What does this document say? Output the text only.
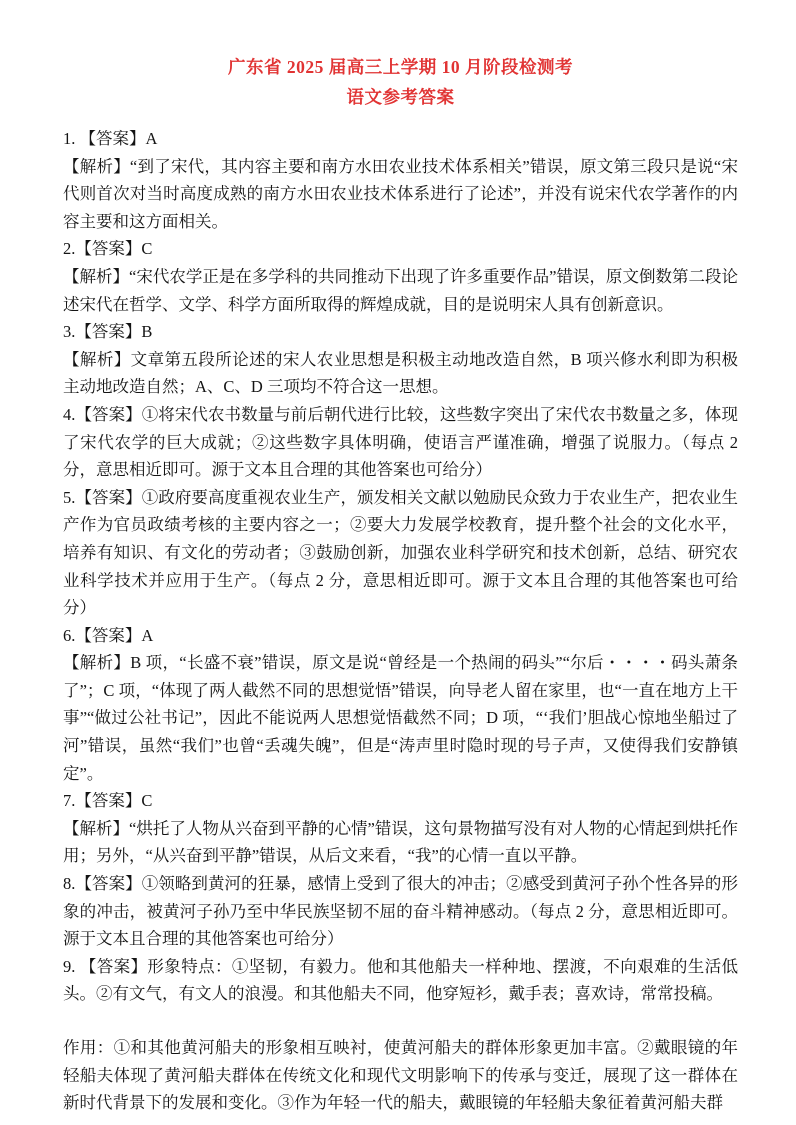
广东省 2025 届高三上学期 10 月阶段检测考
语文参考答案

1. 【答案】A

【解析】“到了宋代，其内容主要和南方水田农业技术体系相关”错误，原文第三段只是说“宋代则首次对当时高度成熟的南方水田农业技术体系进行了论述”，并没有说宋代农学著作的内容主要和这方面相关。

2.【答案】C

【解析】“宋代农学正是在多学科的共同推动下出现了许多重要作品”错误，原文倒数第二段论述宋代在哲学、文学、科学方面所取得的辉煌成就，目的是说明宋人具有创新意识。

3.【答案】B

【解析】文章第五段所论述的宋人农业思想是积极主动地改造自然，B 项兴修水利即为积极主动地改造自然；A、C、D 三项均不符合这一思想。

4.【答案】①将宋代农书数量与前后朝代进行比较，这些数字突出了宋代农书数量之多，体现了宋代农学的巨大成就；②这些数字具体明确，使语言严谨准确，增强了说服力。（每点 2 分，意思相近即可。源于文本且合理的其他答案也可给分）

5.【答案】①政府要高度重视农业生产，颁发相关文献以勉励民众致力于农业生产，把农业生产作为官员政绩考核的主要内容之一；②要大力发展学校教育，提升整个社会的文化水平，培养有知识、有文化的劳动者；③鼓励创新，加强农业科学研究和技术创新，总结、研究农业科学技术并应用于生产。（每点 2 分，意思相近即可。源于文本且合理的其他答案也可给分）

6.【答案】A

【解析】B 项，“长盛不衰”错误，原文是说“曾经是一个热闹的码头”“尔后・・・・码头萧条了”；C 项，“体现了两人截然不同的思想觉悟”错误，向导老人留在家里，也“一直在地方上干事”“做过公社书记”，因此不能说两人思想觉悟截然不同；D 项，“‘我们’胆战心惊地坐船过了河”错误，虽然“我们”也曾“丢魂失魄”，但是“涛声里时隐时现的号子声，又使得我们安静镇定”。

7.【答案】C

【解析】“烘托了人物从兴奋到平静的心情”错误，这句景物描写没有对人物的心情起到烘托作用；另外，“从兴奋到平静”错误，从后文来看，“我”的心情一直以平静。

8.【答案】①领略到黄河的狂暴，感情上受到了很大的冲击；②感受到黄河子孙个性各异的形象的冲击，被黄河子孙乃至中华民族坚韧不屈的奋斗精神感动。（每点 2 分，意思相近即可。源于文本且合理的其他答案也可给分）

9. 【答案】形象特点：①坚韧，有毅力。他和其他船夫一样种地、摆渡，不向艰难的生活低头。②有文气，有文人的浪漫。和其他船夫不同，他穿短衫，戴手表；喜欢诗，常常投稿。

作用：①和其他黄河船夫的形象相互映衬，使黄河船夫的群体形象更加丰富。②戴眼镜的年轻船夫体现了黄河船夫群体在传统文化和现代文明影响下的传承与变迁，展现了这一群体在新时代背景下的发展和变化。③作为年轻一代的船夫，戴眼镜的年轻船夫象征着黄河船夫群
